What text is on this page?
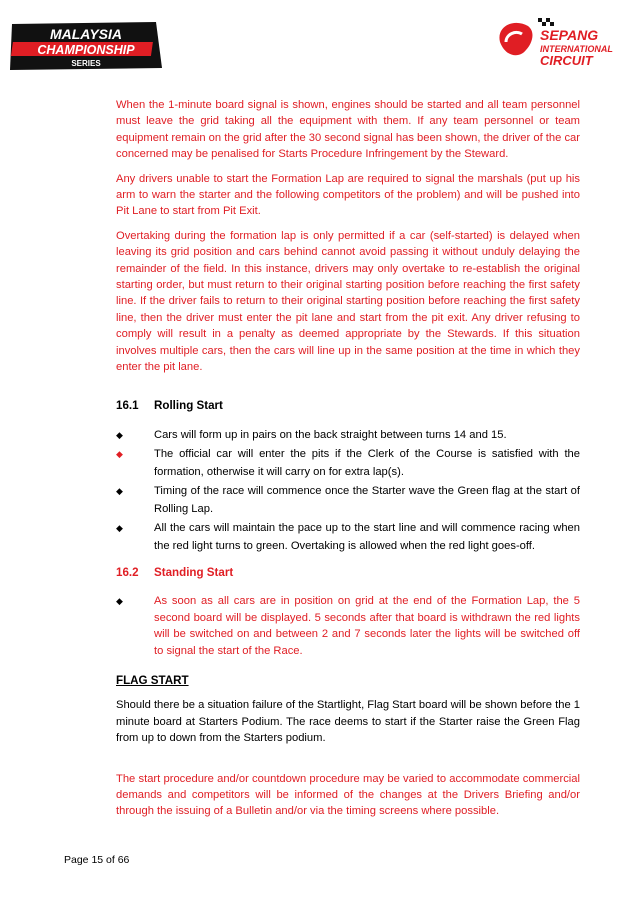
MALAYSIA
CHAMPIONSHIP
SERIES
SEPANG
INTERNATIONAL
CIRCUIT

When the 1-minute board signal is shown, engines should be started and all team personnel must leave the grid taking all the equipment with them. If any team personnel or team equipment remain on the grid after the 30 second signal has been shown, the driver of the car concerned may be penalised for Starts Procedure Infringement by the Steward.

Any drivers unable to start the Formation Lap are required to signal the marshals (put up his arm to warn the starter and the following competitors of the problem) and will be pushed into Pit Lane to start from Pit Exit.

Overtaking during the formation lap is only permitted if a car (self-started) is delayed when leaving its grid position and cars behind cannot avoid passing it without unduly delaying the remainder of the field. In this instance, drivers may only overtake to re-establish the original starting order, but must return to their original starting position before reaching the first safety line. If the driver fails to return to their original starting position before reaching the first safety line, then the driver must enter the pit lane and start from the pit exit. Any driver refusing to comply will result in a penalty as deemed appropriate by the Stewards. If this situation involves multiple cars, then the cars will line up in the same position at the time in which they enter the pit lane.

16.1	Rolling Start
◆	Cars will form up in pairs on the back straight between turns 14 and 15.
◆	The official car will enter the pits if the Clerk of the Course is satisfied with the formation, otherwise it will carry on for extra lap(s).
◆	Timing of the race will commence once the Starter wave the Green flag at the start of Rolling Lap.
◆	All the cars will maintain the pace up to the start line and will commence racing when the red light turns to green. Overtaking is allowed when the red light goes-off.
16.2	Standing Start
◆	As soon as all cars are in position on grid at the end of the Formation Lap, the 5 second board will be displayed. 5 seconds after that board is withdrawn the red lights will be switched on and between 2 and 7 seconds later the lights will be switched off to signal the start of the Race.
FLAG START

Should there be a situation failure of the Startlight, Flag Start board will be shown before the 1 minute board at Starters Podium. The race deems to start if the Starter raise the Green Flag from up to down from the Starters podium.

The start procedure and/or countdown procedure may be varied to accommodate commercial demands and competitors will be informed of the changes at the Drivers Briefing and/or through the issuing of a Bulletin and/or via the timing screens where possible.

Page 15 of 66
